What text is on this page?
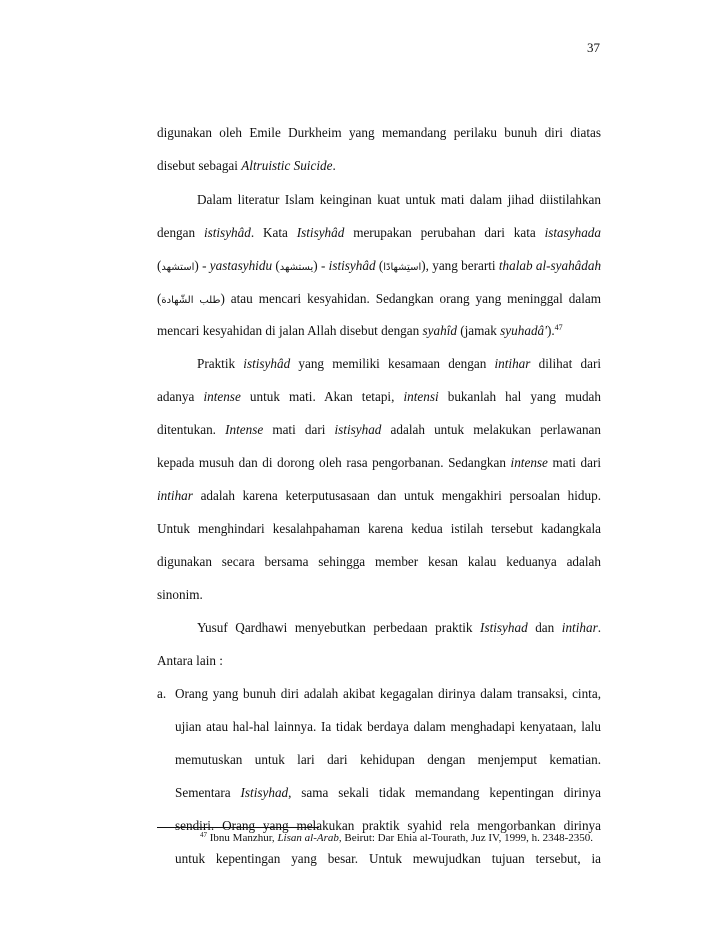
37
digunakan oleh Emile Durkheim yang memandang perilaku bunuh diri diatas
disebut sebagai Altruistic Suicide.
Dalam literatur Islam keinginan kuat untuk mati dalam jihad diistilahkan
dengan istisyhâd. Kata Istisyhâd merupakan perubahan dari kata istasyhada
(استشهد) - yastasyhidu (يستشهد) - istisyhâd (استِشهادًا), yang berarti thalab al-syahâdah
(طلب الشّهادة) atau mencari kesyahidan. Sedangkan orang yang meninggal dalam
mencari kesyahidan di jalan Allah disebut dengan syahîd (jamak syuhadâ').$^{47}$
Praktik istisyhâd yang memiliki kesamaan dengan intihar dilihat dari
adanya intense untuk mati. Akan tetapi, intensi bukanlah hal yang mudah
ditentukan. Intense mati dari istisyhad adalah untuk melakukan perlawanan
kepada musuh dan di dorong oleh rasa pengorbanan. Sedangkan intense mati dari
intihar adalah karena keterputusasaan dan untuk mengakhiri persoalan hidup.
Untuk menghindari kesalahpahaman karena kedua istilah tersebut kadangkala
digunakan secara bersama sehingga member kesan kalau keduanya adalah
sinonim.
Yusuf Qardhawi menyebutkan perbedaan praktik Istisyhad dan intihar.
Antara lain :
a. Orang yang bunuh diri adalah akibat kegagalan dirinya dalam transaksi, cinta,
ujian atau hal-hal lainnya. Ia tidak berdaya dalam menghadapi kenyataan, lalu
memutuskan untuk lari dari kehidupan dengan menjemput kematian.
Sementara Istisyhad, sama sekali tidak memandang kepentingan dirinya
sendiri. Orang yang melakukan praktik syahid rela mengorbankan dirinya
untuk kepentingan yang besar. Untuk mewujudkan tujuan tersebut, ia
$^{47}$ Ibnu Manzhur, Lisan al-Arab, Beirut: Dar Ehia al-Tourath, Juz IV, 1999, h. 2348-2350.
